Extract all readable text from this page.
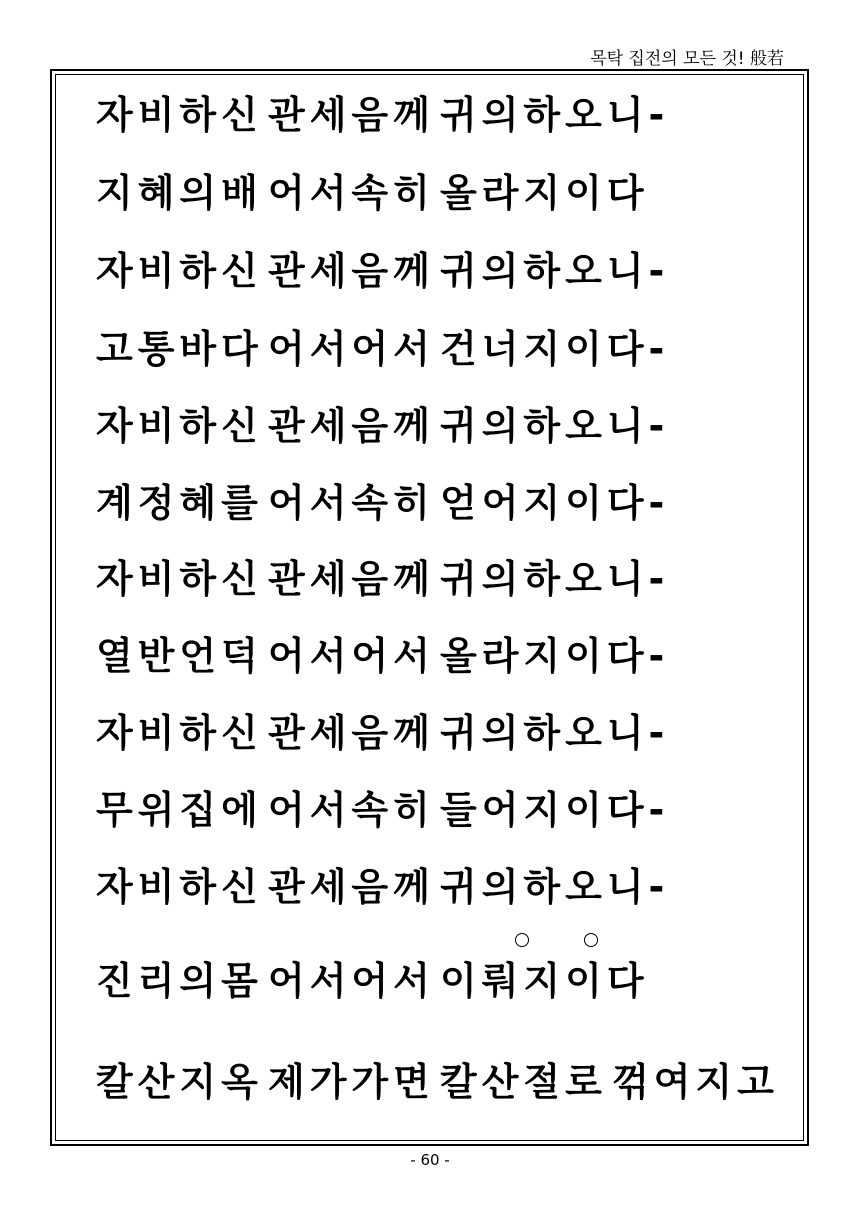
목탁 집전의 모든 것! 般若
자비하신 관세음께 귀의하오니-
지혜의배 어서속히 올라지이다
자비하신 관세음께 귀의하오니-
고통바다 어서어서 건너지이다-
자비하신 관세음께 귀의하오니-
계정혜를 어서속히 얻어지이다-
자비하신 관세음께 귀의하오니-
열반언덕 어서어서 올라지이다-
자비하신 관세음께 귀의하오니-
무위집에 어서속히 들어지이다-
자비하신 관세음께 귀의하오니-
진리의몸 어서어서 이뤄지이다
칼산지옥 제가가면 칼산절로 꺾여지고
- 60 -
